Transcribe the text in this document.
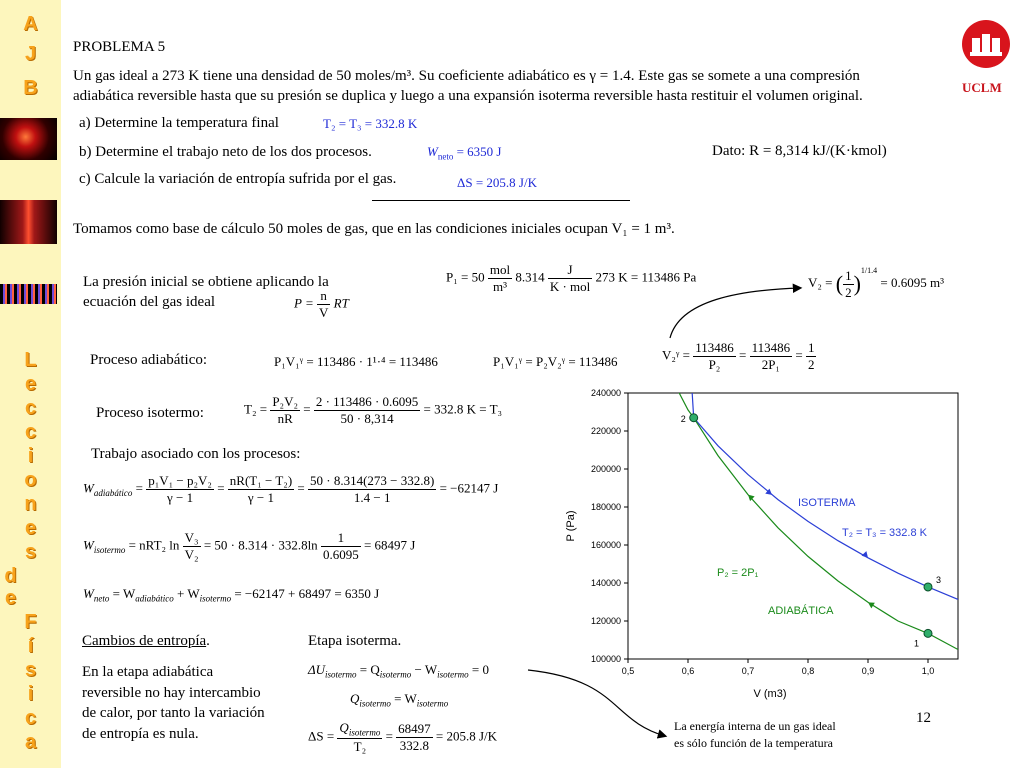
A
J
B
L
e
c
c
i
o
n
e
s
d
e
F
í
s
i
c
a
UCLM
PROBLEMA 5
Un gas ideal a 273 K tiene una densidad de 50 moles/m³. Su coeficiente adiabático es γ = 1.4. Este gas se somete a una compresión
adiabática reversible hasta que su presión se duplica y luego a una expansión isoterma reversible hasta restituir el volumen original.
a) Determine la temperatura final	T₂ = T₃ = 332.8 K
b) Determine el trabajo neto de los dos procesos.	$W_{neto} = 6350$ J	Dato: R = 8,314 kJ/(K·kmol)
c) Calcule la variación de entropía sufrida por el gas.	ΔS = 205.8 J/K
Tomamos como base de cálculo 50 moles de gas, que en las condiciones iniciales ocupan V₁ = 1 m³.
La presión inicial se obtiene aplicando la ecuación del gas ideal	$P = \frac{n}{V}$ RT
$P_1 = 50 \frac{\text{mol}}{\text{m³}} 8.314 \frac{J}{\text{K · mol}} 273$ K = 113486 Pa	V₂ = ( $\frac{1}{2} )^{1/1.4} = 0.6095$ m³
Proceso adiabático:	P₁V₁ᵞ = 113486 · 1¹·⁴ = 113486	P₁V₁ᵞ = P₂V₂ᵞ = 113486	V₂ᵞ = $\frac{113486}{\text{P₂}} = \frac{113486}{\text{2P₁}} = \frac{1}{2}$
Proceso isotermo:	$T_2 = \frac{\text{P₂V₂}}{nR} = \frac{2 \cdot 113486 \cdot 0.6095}{50 \cdot 8,314} = 332.8$ K = T₃
Trabajo asociado con los procesos:
$W_{adiabático} = \frac{\text{p₁V₁ − p₂V₂}}{\gamma - 1} = \frac{\text{nR(T₁ − T₂)}}{\gamma - 1} = \frac{50 \cdot 8.314(273 - 332.8)}{1.4 - 1} = -62147$ J
$W_{isotermo} = nRT_2$ $\ln \frac{\text{V₃}}{\text{V₂}} = 50 \cdot 8.314 \cdot 332.8\ln \frac{1}{0.6095} = 68497$ J
$W_{neto} = W_{adiabático} + W_{isotermo} = -62147 + 68497 = 6350$ J
Cambios de entropía.	Etapa isoterma.
En la etapa adiabática reversible no hay intercambio de calor, por tanto la variación de entropía es nula.
$\Delta U_{isotermo} = Q_{isotermo} - W_{isotermo} = 0$
$Q_{isotermo} = W_{isotermo}$
$\Delta S = \frac{Q_{isotermo}}{\text{T₂}} = \frac{68497}{332.8} = 205.8$ J/K
La energía interna de un gas ideal
es sólo función de la temperatura
12
1
2
3
0,5	0,6	0,7	0,8	0,9	1,0
100000
120000
140000
160000
180000
200000
220000
240000
V (m3)
P (Pa)
ISOTERMA
T₂ = T₃ = 332.8 K
P₂ = 2P₁
ADIABÁTICA
